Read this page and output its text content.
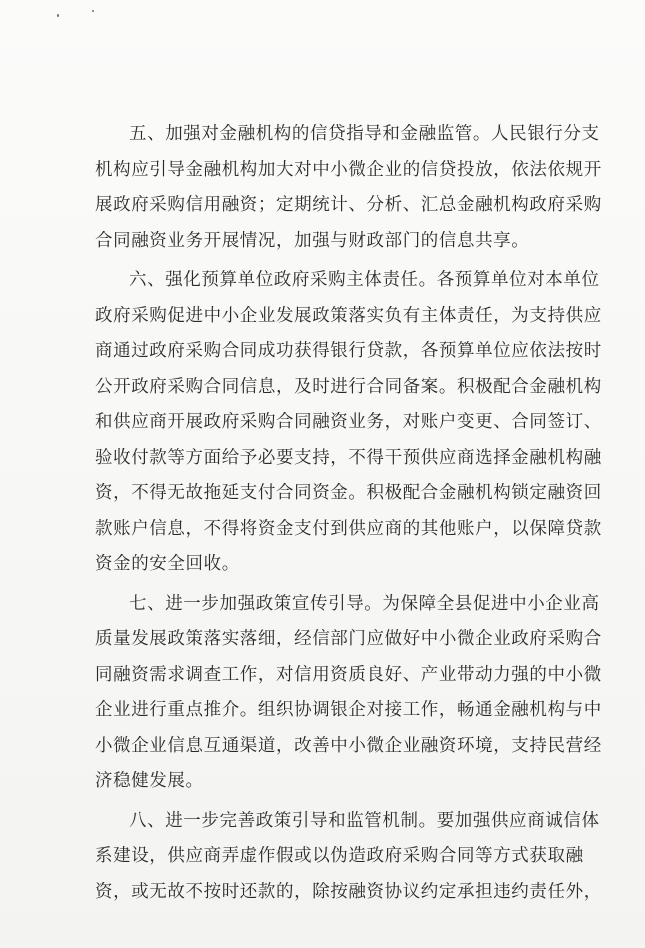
五、加强对金融机构的信贷指导和金融监管。人民银行分支
机构应引导金融机构加大对中小微企业的信贷投放，依法依规开
展政府采购信用融资；定期统计、分析、汇总金融机构政府采购
合同融资业务开展情况，加强与财政部门的信息共享。

六、强化预算单位政府采购主体责任。各预算单位对本单位
政府采购促进中小企业发展政策落实负有主体责任，为支持供应
商通过政府采购合同成功获得银行贷款，各预算单位应依法按时
公开政府采购合同信息，及时进行合同备案。积极配合金融机构
和供应商开展政府采购合同融资业务，对账户变更、合同签订、
验收付款等方面给予必要支持，不得干预供应商选择金融机构融
资，不得无故拖延支付合同资金。积极配合金融机构锁定融资回
款账户信息，不得将资金支付到供应商的其他账户，以保障贷款
资金的安全回收。

七、进一步加强政策宣传引导。为保障全县促进中小企业高
质量发展政策落实落细，经信部门应做好中小微企业政府采购合
同融资需求调查工作，对信用资质良好、产业带动力强的中小微
企业进行重点推介。组织协调银企对接工作，畅通金融机构与中
小微企业信息互通渠道，改善中小微企业融资环境，支持民营经
济稳健发展。

八、进一步完善政策引导和监管机制。要加强供应商诚信体
系建设，供应商弄虚作假或以伪造政府采购合同等方式获取融
资，或无故不按时还款的，除按融资协议约定承担违约责任外，
